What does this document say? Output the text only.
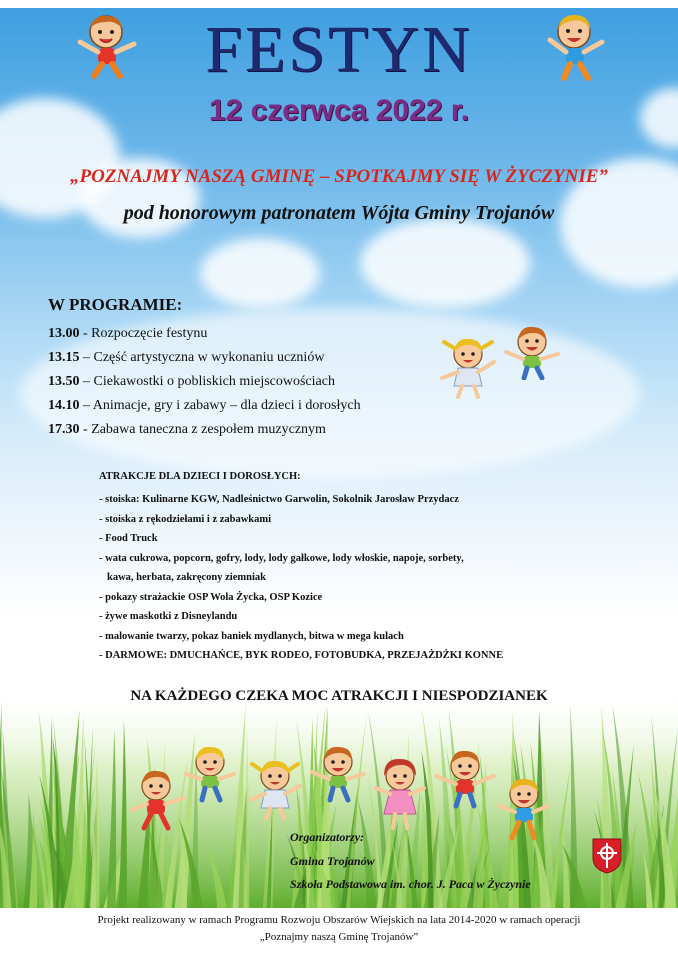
FESTYN
12 czerwca 2022 r.
„POZNAJMY NASZĄ GMINĘ – SPOTKAJMY SIĘ W ŻYCZYNIE”
pod honorowym patronatem Wójta Gminy Trojanów
W PROGRAMIE:
13.00 - Rozpoczęcie festynu
13.15 – Część artystyczna w wykonaniu uczniów
13.50 – Ciekawostki o pobliskich miejscowościach
14.10 – Animacje, gry i zabawy – dla dzieci i dorosłych
17.30 - Zabawa taneczna z zespołem muzycznym
ATRAKCJE DLA DZIECI I DOROSŁYCH:
- stoiska: Kulinarne KGW, Nadleśnictwo Garwolin, Sokolnik Jarosław Przydacz
- stoiska z rękodziełami i z zabawkami
- Food Truck
- wata cukrowa, popcorn, gofry, lody, lody gałkowe, lody włoskie, napoje, sorbety,
kawa, herbata, zakręcony ziemniak
- pokazy strażackie OSP Wola Życka, OSP Kozice
- żywe maskotki z Disneylandu
- malowanie twarzy, pokaz baniek mydlanych, bitwa w mega kulach
- DARMOWE: DMUCHAŃCE, BYK RODEO, FOTOBUDKA, PRZEJAŻDŻKI KONNE
NA KAŻDEGO CZEKA MOC ATRAKCJI I NIESPODZIANEK
Organizatorzy:
Gmina Trojanów
Szkoła Podstawowa im. chor. J. Paca w Życzynie
Projekt realizowany w ramach Programu Rozwoju Obszarów Wiejskich na lata 2014-2020 w ramach operacji
„Poznajmy naszą Gminę Trojanów”
